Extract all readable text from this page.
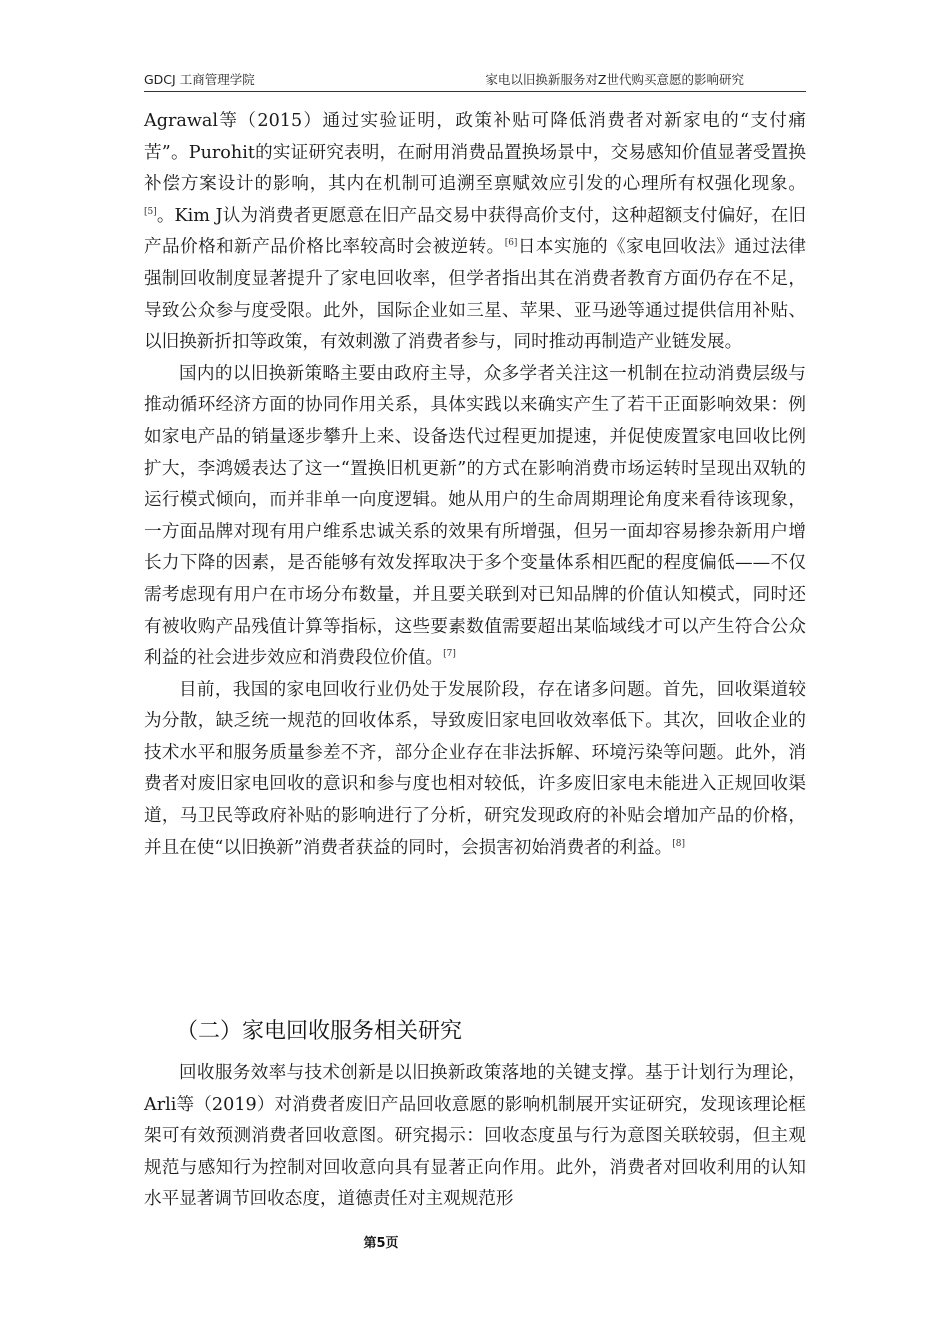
GDCJ 工商管理学院	家电以旧换新服务对Z世代购买意愿的影响研究

Agrawal等（2015）通过实验证明，政策补贴可降低消费者对新家电的“支付痛苦”。Purohit的实证研究表明，在耐用消费品置换场景中，交易感知价值显著受置换补偿方案设计的影响，其内在机制可追溯至禀赋效应引发的心理所有权强化现象。[5]。Kim J认为消费者更愿意在旧产品交易中获得高价支付，这种超额支付偏好，在旧产品价格和新产品价格比率较高时会被逆转。[6]日本实施的《家电回收法》通过法律强制回收制度显著提升了家电回收率，但学者指出其在消费者教育方面仍存在不足，导致公众参与度受限。此外，国际企业如三星、苹果、亚马逊等通过提供信用补贴、以旧换新折扣等政策，有效刺激了消费者参与，同时推动再制造产业链发展。

国内的以旧换新策略主要由政府主导，众多学者关注这一机制在拉动消费层级与推动循环经济方面的协同作用关系，具体实践以来确实产生了若干正面影响效果：例如家电产品的销量逐步攀升上来、设备迭代过程更加提速，并促使废置家电回收比例扩大，李鸿媛表达了这一“置换旧机更新”的方式在影响消费市场运转时呈现出双轨的运行模式倾向，而并非单一向度逻辑。她从用户的生命周期理论角度来看待该现象，一方面品牌对现有用户维系忠诚关系的效果有所增强，但另一面却容易掺杂新用户增长力下降的因素，是否能够有效发挥取决于多个变量体系相匹配的程度偏低——不仅需考虑现有用户在市场分布数量，并且要关联到对已知品牌的价值认知模式，同时还有被收购产品残值计算等指标，这些要素数值需要超出某临域线才可以产生符合公众利益的社会进步效应和消费段位价值。[7]

目前，我国的家电回收行业仍处于发展阶段，存在诸多问题。首先，回收渠道较为分散，缺乏统一规范的回收体系，导致废旧家电回收效率低下。其次，回收企业的技术水平和服务质量参差不齐，部分企业存在非法拆解、环境污染等问题。此外，消费者对废旧家电回收的意识和参与度也相对较低，许多废旧家电未能进入正规回收渠道，马卫民等政府补贴的影响进行了分析，研究发现政府的补贴会增加产品的价格，并且在使“以旧换新”消费者获益的同时，会损害初始消费者的利益。[8]

（二）家电回收服务相关研究

回收服务效率与技术创新是以旧换新政策落地的关键支撑。基于计划行为理论，Arli等（2019）对消费者废旧产品回收意愿的影响机制展开实证研究，发现该理论框架可有效预测消费者回收意图。研究揭示：回收态度虽与行为意图关联较弱，但主观规范与感知行为控制对回收意向具有显著正向作用。此外，消费者对回收利用的认知水平显著调节回收态度，道德责任对主观规范形

第5页
